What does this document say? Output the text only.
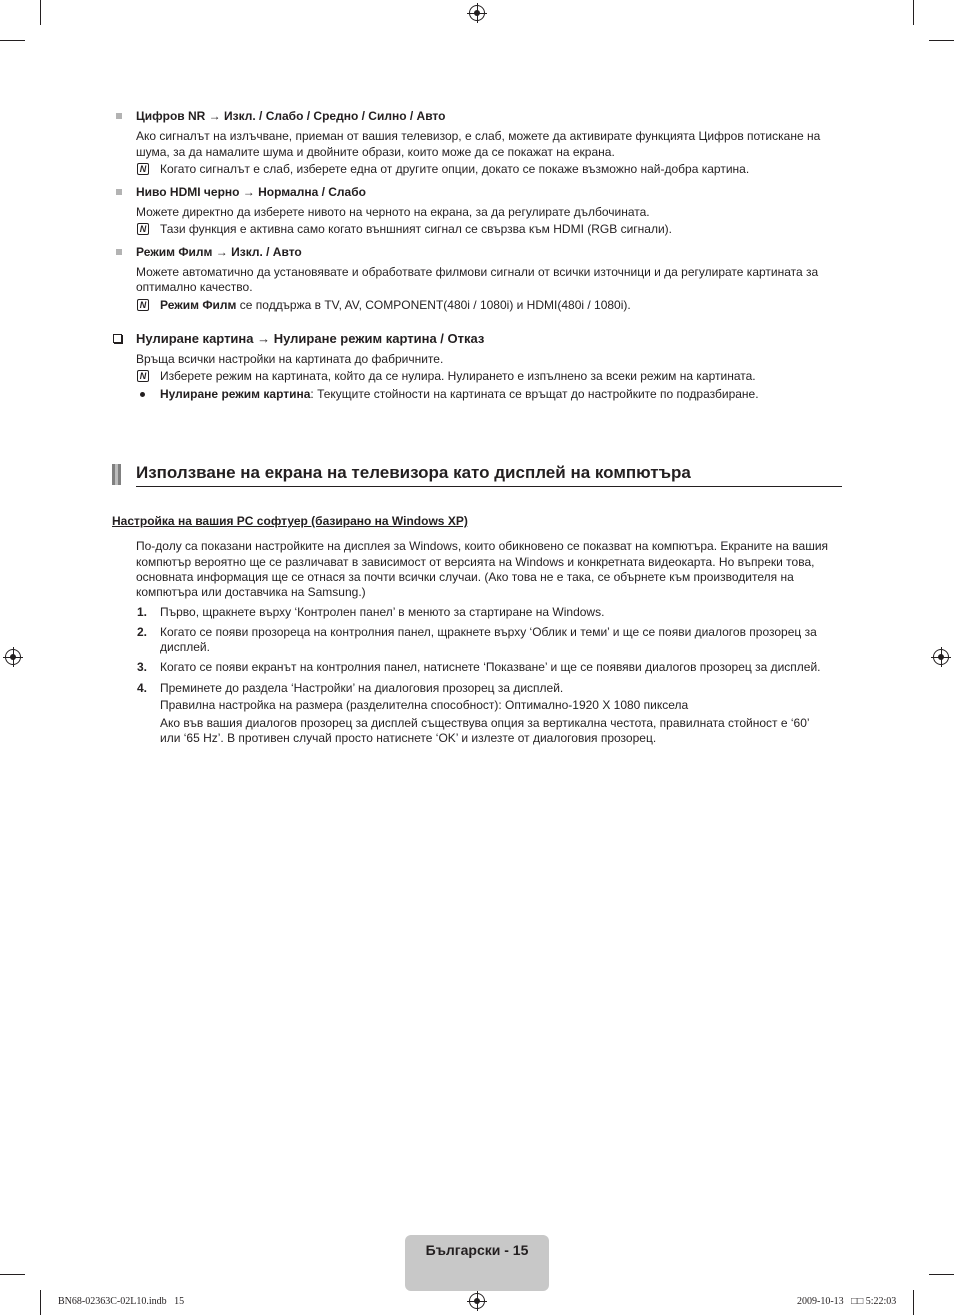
Цифров NR → Изкл. / Слабо / Средно / Силно / Авто
Ако сигналът на излъчване, приеман от вашия телевизор, е слаб, можете да активирате функцията Цифров потискане на
шума, за да намалите шума и двойните образи, които може да се покажат на екрана.
N Когато сигналът е слаб, изберете една от другите опции, докато се покаже възможно най-добра картина.
Ниво HDMI черно → Нормална / Слабо
Можете директно да изберете нивото на черното на екрана, за да регулирате дълбочината.
N Тази функция е активна само когато външният сигнал се свързва към HDMI (RGB сигнали).
Режим Филм → Изкл. / Авто
Можете автоматично да установявате и обработвате филмови сигнали от всички източници и да регулирате картината за
оптимално качество.
N Режим Филм се поддържа в TV, AV, COMPONENT(480i / 1080i) и HDMI(480i / 1080i).
Нулиране картина → Нулиране режим картина / Отказ
Връща всички настройки на картината до фабричните.
N Изберете режим на картината, който да се нулира. Нулирането е изпълнено за всеки режим на картината.
Нулиране режим картина: Текущите стойности на картината се връщат до настройките по подразбиране.
Използване на екрана на телевизора като дисплей на компютъра
Настройка на вашия PC софтуер (базирано на Windows XP)
По-долу са показани настройките на дисплея за Windows, които обикновено се показват на компютъра. Екраните на вашия
компютър вероятно ще се различават в зависимост от версията на Windows и конкретната видеокарта. Но въпреки това,
основната информация ще се отнася за почти всички случаи. (Ако това не е така, се обърнете към производителя на
компютъра или доставчика на Samsung.)
1. Първо, щракнете върху ‘Контролен панел’ в менюто за стартиране на Windows.
2. Когато се появи прозореца на контролния панел, щракнете върху ‘Облик и теми’ и ще се появи диалогов прозорец за
дисплей.
3. Когато се появи екранът на контролния панел, натиснете ‘Показване’ и ще се появяви диалогов прозорец за дисплей.
4. Преминете до раздела ‘Настройки’ на диалоговия прозорец за дисплей.
Правилна настройка на размера (разделителна способност): Оптимално-1920 X 1080 пиксела
Ако във вашия диалогов прозорец за дисплей съществува опция за вертикална честота, правилната стойност е ‘60’
или ‘65 Hz’. В противен случай просто натиснете ‘OK’ и излезте от диалоговия прозорец.
Български - 15
BN68-02363C-02L10.indb   15	2009-10-13   □□ 5:22:03
